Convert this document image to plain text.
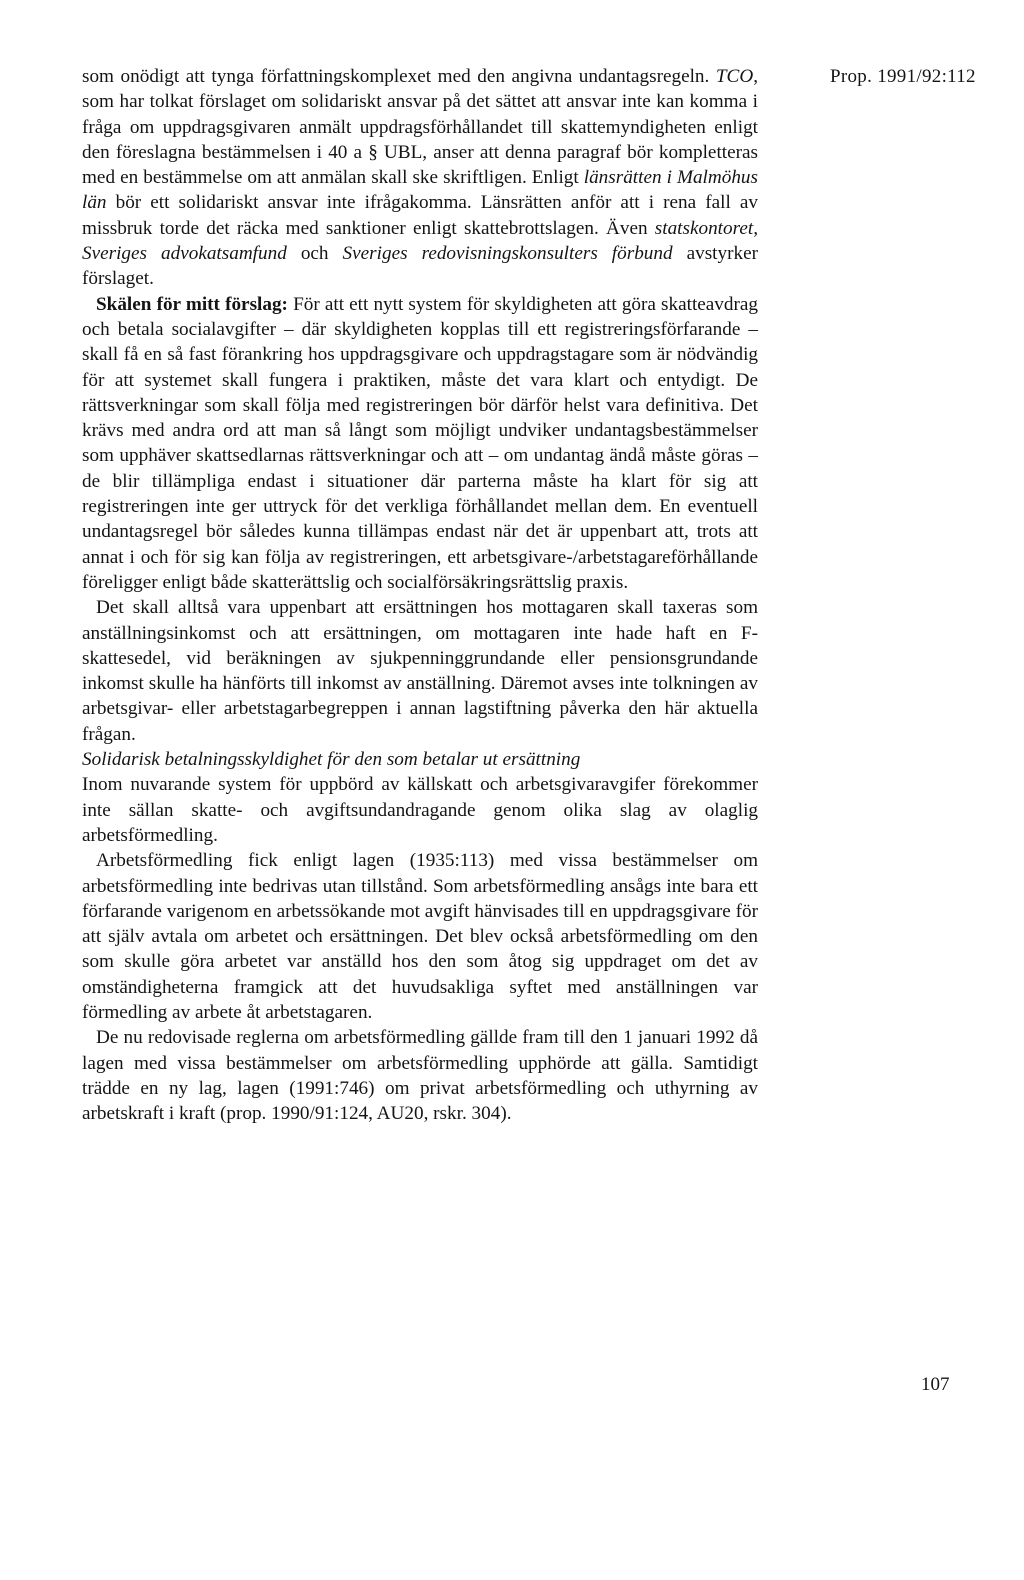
Prop. 1991/92:112

som onödigt att tynga författningskomplexet med den angivna undantagsregeln. TCO, som har tolkat förslaget om solidariskt ansvar på det sättet att ansvar inte kan komma i fråga om uppdragsgivaren anmält uppdragsförhållandet till skattemyndigheten enligt den föreslagna bestämmelsen i 40 a § UBL, anser att denna paragraf bör kompletteras med en bestämmelse om att anmälan skall ske skriftligen. Enligt länsrätten i Malmöhus län bör ett solidariskt ansvar inte ifrågakomma. Länsrätten anför att i rena fall av missbruk torde det räcka med sanktioner enligt skattebrottslagen. Även statskontoret, Sveriges advokatsamfund och Sveriges redovisningskonsulters förbund avstyrker förslaget.

Skälen för mitt förslag: För att ett nytt system för skyldigheten att göra skatteavdrag och betala socialavgifter – där skyldigheten kopplas till ett registreringsförfarande – skall få en så fast förankring hos uppdragsgivare och uppdragstagare som är nödvändig för att systemet skall fungera i praktiken, måste det vara klart och entydigt. De rättsverkningar som skall följa med registreringen bör därför helst vara definitiva. Det krävs med andra ord att man så långt som möjligt undviker undantagsbestämmelser som upphäver skattsedlarnas rättsverkningar och att – om undantag ändå måste göras – de blir tillämpliga endast i situationer där parterna måste ha klart för sig att registreringen inte ger uttryck för det verkliga förhållandet mellan dem. En eventuell undantagsregel bör således kunna tillämpas endast när det är uppenbart att, trots att annat i och för sig kan följa av registreringen, ett arbetsgivare-/arbetstagareförhållande föreligger enligt både skatterättslig och socialförsäkringsrättslig praxis.

Det skall alltså vara uppenbart att ersättningen hos mottagaren skall taxeras som anställningsinkomst och att ersättningen, om mottagaren inte hade haft en F-skattesedel, vid beräkningen av sjukpenninggrundande eller pensionsgrundande inkomst skulle ha hänförts till inkomst av anställning. Däremot avses inte tolkningen av arbetsgivar- eller arbetstagarbegreppen i annan lagstiftning påverka den här aktuella frågan.

Solidarisk betalningsskyldighet för den som betalar ut ersättning

Inom nuvarande system för uppbörd av källskatt och arbetsgivaravgifer förekommer inte sällan skatte- och avgiftsundandragande genom olika slag av olaglig arbetsförmedling.

Arbetsförmedling fick enligt lagen (1935:113) med vissa bestämmelser om arbetsförmedling inte bedrivas utan tillstånd. Som arbetsförmedling ansågs inte bara ett förfarande varigenom en arbetssökande mot avgift hänvisades till en uppdragsgivare för att själv avtala om arbetet och ersättningen. Det blev också arbetsförmedling om den som skulle göra arbetet var anställd hos den som åtog sig uppdraget om det av omständigheterna framgick att det huvudsakliga syftet med anställningen var förmedling av arbete åt arbetstagaren.

De nu redovisade reglerna om arbetsförmedling gällde fram till den 1 januari 1992 då lagen med vissa bestämmelser om arbetsförmedling upphörde att gälla. Samtidigt trädde en ny lag, lagen (1991:746) om privat arbetsförmedling och uthyrning av arbetskraft i kraft (prop. 1990/91:124, AU20, rskr. 304).

107
